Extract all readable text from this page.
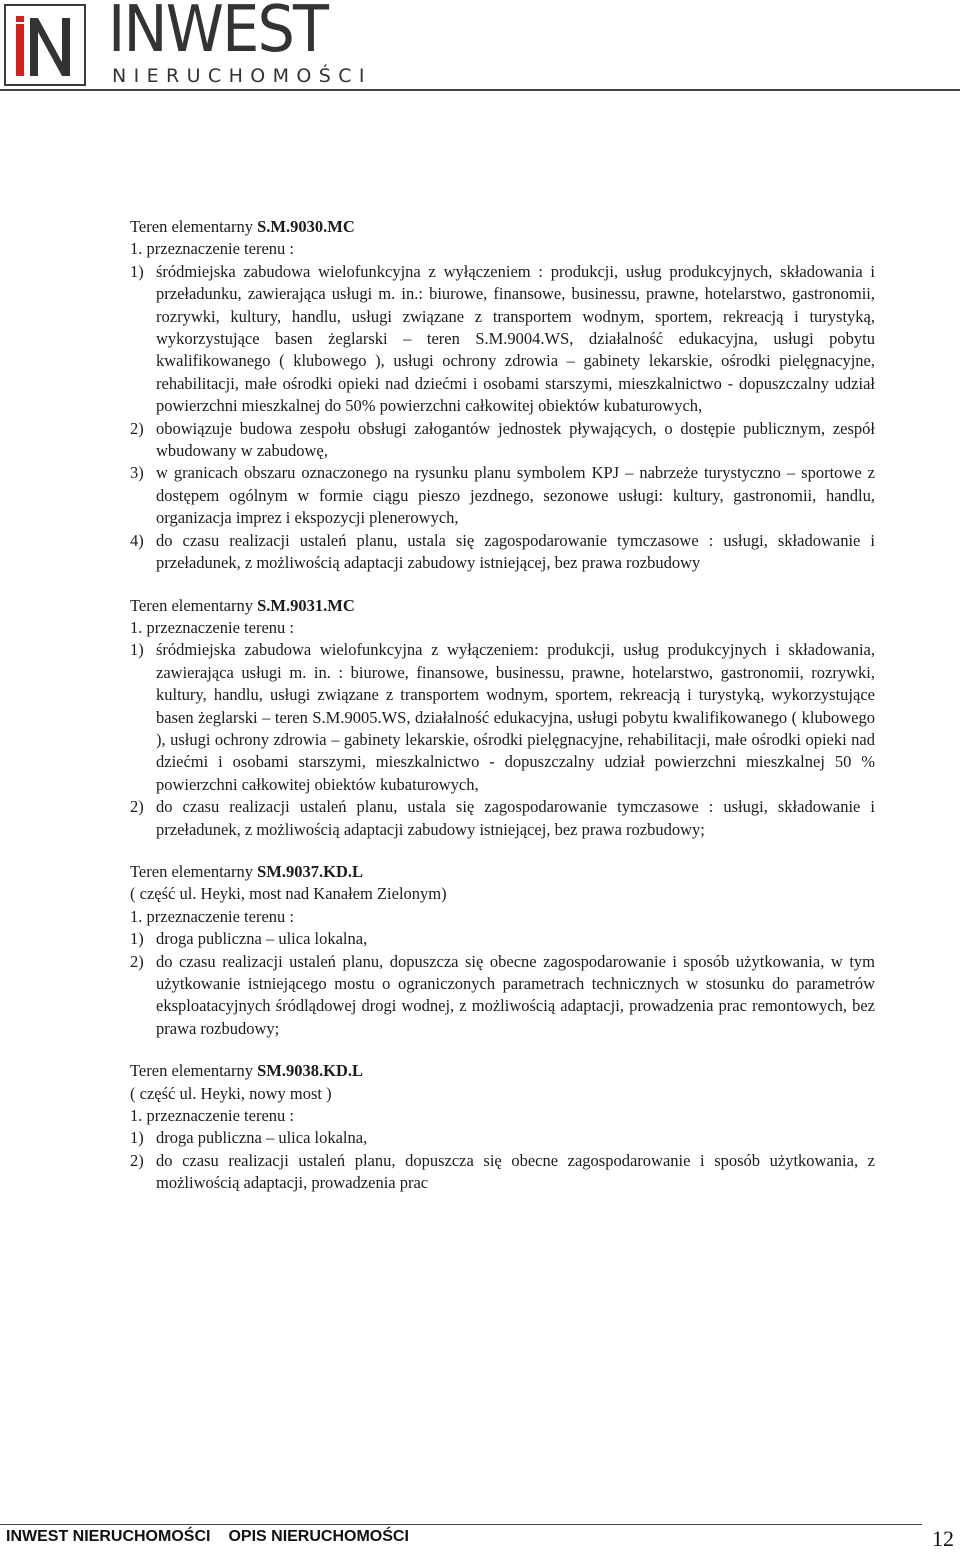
INWEST
NIERUCHOMOŚCI

Teren elementarny S.M.9030.MC

1. przeznaczenie terenu :

1) śródmiejska zabudowa wielofunkcyjna z wyłączeniem : produkcji, usług produkcyjnych, składowania i przeładunku, zawierająca usługi m. in.: biurowe, finansowe, businessu, prawne, hotelarstwo, gastronomii, rozrywki, kultury, handlu, usługi związane z transportem wodnym, sportem, rekreacją i turystyką, wykorzystujące basen żeglarski – teren S.M.9004.WS, działalność edukacyjna, usługi pobytu kwalifikowanego ( klubowego ), usługi ochrony zdrowia – gabinety lekarskie, ośrodki pielęgnacyjne, rehabilitacji, małe ośrodki opieki nad dziećmi i osobami starszymi, mieszkalnictwo - dopuszczalny udział powierzchni mieszkalnej do 50% powierzchni całkowitej obiektów kubaturowych,
2) obowiązuje budowa zespołu obsługi załogantów jednostek pływających, o dostępie publicznym, zespół wbudowany w zabudowę,
3) w granicach obszaru oznaczonego na rysunku planu symbolem KPJ – nabrzeże turystyczno – sportowe z dostępem ogólnym w formie ciągu pieszo jezdnego, sezonowe usługi: kultury, gastronomii, handlu, organizacja imprez i ekspozycji plenerowych,
4) do czasu realizacji ustaleń planu, ustala się zagospodarowanie tymczasowe : usługi, składowanie i przeładunek, z możliwością adaptacji zabudowy istniejącej, bez prawa rozbudowy

Teren elementarny S.M.9031.MC

1. przeznaczenie terenu :

1) śródmiejska zabudowa wielofunkcyjna z wyłączeniem: produkcji, usług produkcyjnych i składowania, zawierająca usługi m. in. : biurowe, finansowe, businessu, prawne, hotelarstwo, gastronomii, rozrywki, kultury, handlu, usługi związane z transportem wodnym, sportem, rekreacją i turystyką, wykorzystujące basen żeglarski – teren S.M.9005.WS, działalność edukacyjna, usługi pobytu kwalifikowanego ( klubowego ), usługi ochrony zdrowia – gabinety lekarskie, ośrodki pielęgnacyjne, rehabilitacji, małe ośrodki opieki nad dziećmi i osobami starszymi, mieszkalnictwo - dopuszczalny udział powierzchni mieszkalnej 50 % powierzchni całkowitej obiektów kubaturowych,
2) do czasu realizacji ustaleń planu, ustala się zagospodarowanie tymczasowe : usługi, składowanie i przeładunek, z możliwością adaptacji zabudowy istniejącej, bez prawa rozbudowy;

Teren elementarny SM.9037.KD.L

( część ul. Heyki, most nad Kanałem Zielonym)

1. przeznaczenie terenu :

1) droga publiczna – ulica lokalna,
2) do czasu realizacji ustaleń planu, dopuszcza się obecne zagospodarowanie i sposób użytkowania, w tym użytkowanie istniejącego mostu o ograniczonych parametrach technicznych w stosunku do parametrów eksploatacyjnych śródlądowej drogi wodnej, z możliwością adaptacji, prowadzenia prac remontowych, bez prawa rozbudowy;

Teren elementarny SM.9038.KD.L

( część ul. Heyki, nowy most )

1. przeznaczenie terenu :

1) droga publiczna – ulica lokalna,
2) do czasu realizacji ustaleń planu, dopuszcza się obecne zagospodarowanie i sposób użytkowania, z możliwością adaptacji, prowadzenia prac
INWEST NIERUCHOMOŚCI OPIS NIERUCHOMOŚCI	12
